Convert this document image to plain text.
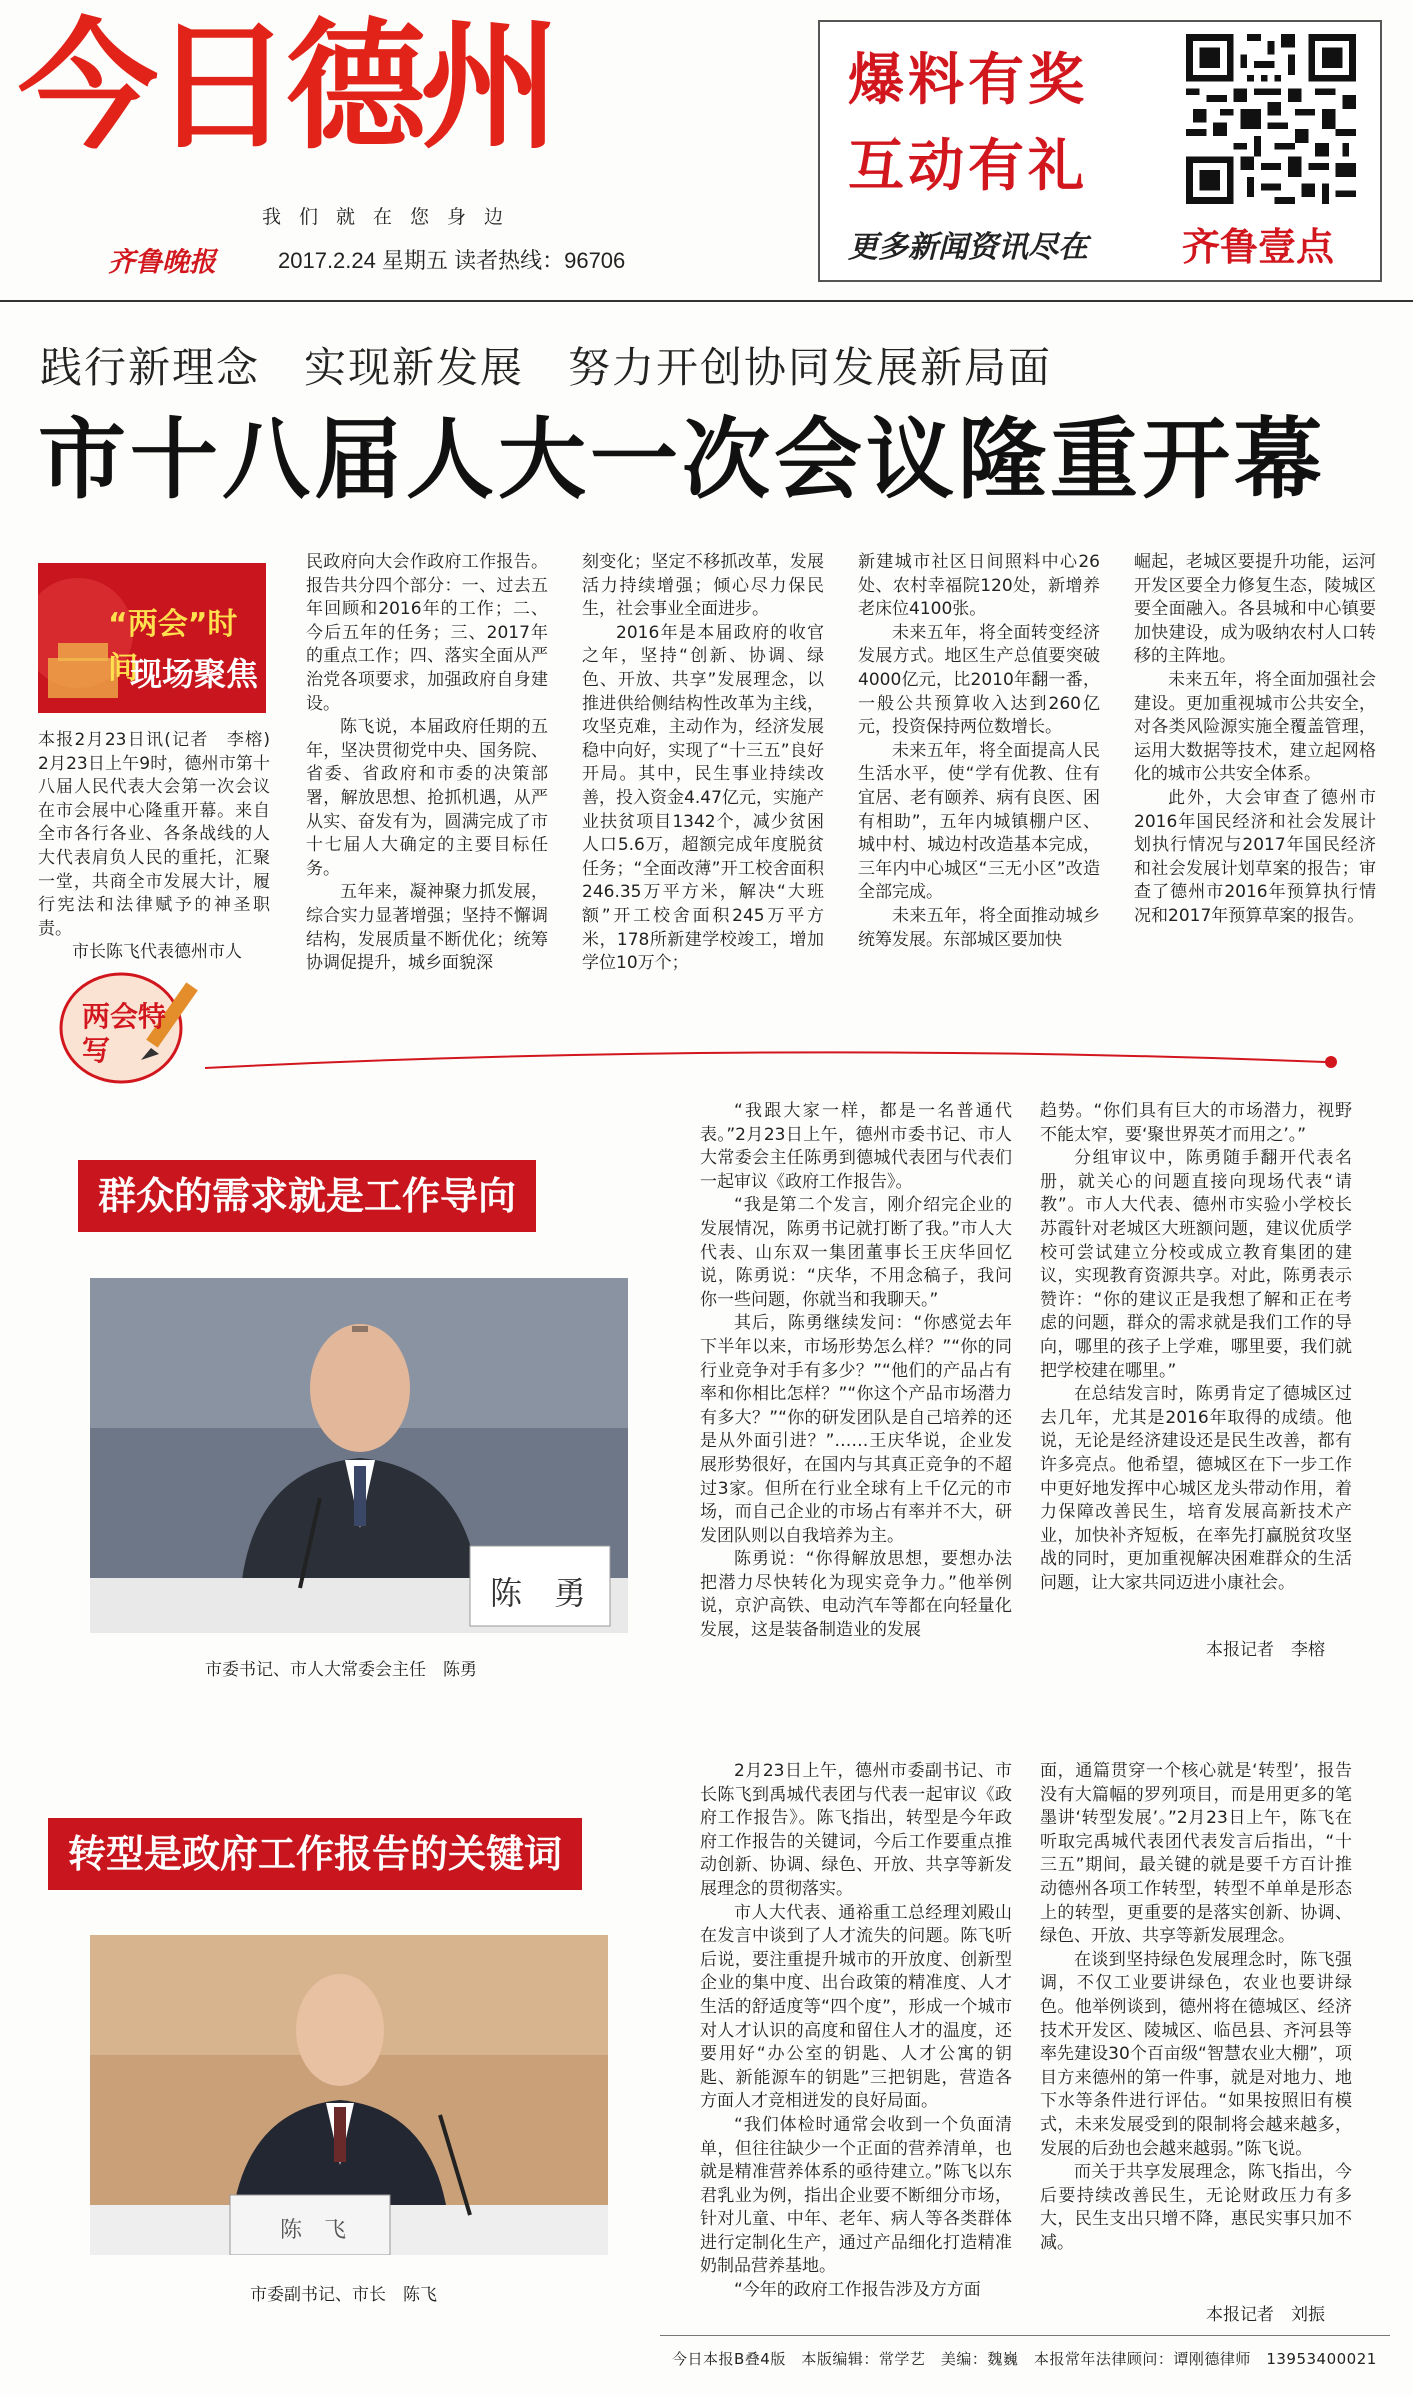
今日德州
我们就在您身边
齐鲁晚报	2017.2.24 星期五 读者热线：96706
爆料有奖
互动有礼
更多新闻资讯尽在 齐鲁壹点
践行新理念　实现新发展　努力开创协同发展新局面
市十八届人大一次会议隆重开幕
“两会”时间
现场聚焦

本报2月23日讯(记者　李榕)　2月23日上午9时，德州市第十八届人民代表大会第一次会议在市会展中心隆重开幕。来自全市各行各业、各条战线的人大代表肩负人民的重托，汇聚一堂，共商全市发展大计，履行宪法和法律赋予的神圣职责。

市长陈飞代表德州市人

民政府向大会作政府工作报告。报告共分四个部分：一、过去五年回顾和2016年的工作；二、今后五年的任务；三、2017年的重点工作；四、落实全面从严治党各项要求，加强政府自身建设。

陈飞说，本届政府任期的五年，坚决贯彻党中央、国务院、省委、省政府和市委的决策部署，解放思想、抢抓机遇，从严从实、奋发有为，圆满完成了市十七届人大确定的主要目标任务。

五年来，凝神聚力抓发展，综合实力显著增强；坚持不懈调结构，发展质量不断优化；统筹协调促提升，城乡面貌深

刻变化；坚定不移抓改革，发展活力持续增强；倾心尽力保民生，社会事业全面进步。

2016年是本届政府的收官之年，坚持“创新、协调、绿色、开放、共享”发展理念，以推进供给侧结构性改革为主线，攻坚克难，主动作为，经济发展稳中向好，实现了“十三五”良好开局。其中，民生事业持续改善，投入资金4.47亿元，实施产业扶贫项目1342个，减少贫困人口5.6万，超额完成年度脱贫任务；“全面改薄”开工校舍面积246.35万平方米，解决“大班额”开工校舍面积245万平方米，178所新建学校竣工，增加学位10万个；

新建城市社区日间照料中心26处、农村幸福院120处，新增养老床位4100张。

未来五年，将全面转变经济发展方式。地区生产总值要突破4000亿元，比2010年翻一番，一般公共预算收入达到260亿元，投资保持两位数增长。

未来五年，将全面提高人民生活水平，使“学有优教、住有宜居、老有颐养、病有良医、困有相助”，五年内城镇棚户区、城中村、城边村改造基本完成，三年内中心城区“三无小区”改造全部完成。

未来五年，将全面推动城乡统筹发展。东部城区要加快

崛起，老城区要提升功能，运河开发区要全力修复生态，陵城区要全面融入。各县城和中心镇要加快建设，成为吸纳农村人口转移的主阵地。

未来五年，将全面加强社会建设。更加重视城市公共安全，对各类风险源实施全覆盖管理，运用大数据等技术，建立起网格化的城市公共安全体系。

此外，大会审查了德州市2016年国民经济和社会发展计划执行情况与2017年国民经济和社会发展计划草案的报告；审查了德州市2016年预算执行情况和2017年预算草案的报告。

两会特写
群众的需求就是工作导向
陈　勇
市委书记、市人大常委会主任　陈勇

“我跟大家一样，都是一名普通代表。”2月23日上午，德州市委书记、市人大常委会主任陈勇到德城代表团与代表们一起审议《政府工作报告》。

“我是第二个发言，刚介绍完企业的发展情况，陈勇书记就打断了我。”市人大代表、山东双一集团董事长王庆华回忆说，陈勇说：“庆华，不用念稿子，我问你一些问题，你就当和我聊天。”

其后，陈勇继续发问：“你感觉去年下半年以来，市场形势怎么样？”“你的同行业竞争对手有多少？”“他们的产品占有率和你相比怎样？”“你这个产品市场潜力有多大？”“你的研发团队是自己培养的还是从外面引进？”……王庆华说，企业发展形势很好，在国内与其真正竞争的不超过3家。但所在行业全球有上千亿元的市场，而自己企业的市场占有率并不大，研发团队则以自我培养为主。

陈勇说：“你得解放思想，要想办法把潜力尽快转化为现实竞争力。”他举例说，京沪高铁、电动汽车等都在向轻量化发展，这是装备制造业的发展

趋势。“你们具有巨大的市场潜力，视野不能太窄，要‘聚世界英才而用之’。”

分组审议中，陈勇随手翻开代表名册，就关心的问题直接向现场代表“请教”。市人大代表、德州市实验小学校长苏霞针对老城区大班额问题，建议优质学校可尝试建立分校或成立教育集团的建议，实现教育资源共享。对此，陈勇表示赞许：“你的建议正是我想了解和正在考虑的问题，群众的需求就是我们工作的导向，哪里的孩子上学难，哪里要，我们就把学校建在哪里。”

在总结发言时，陈勇肯定了德城区过去几年，尤其是2016年取得的成绩。他说，无论是经济建设还是民生改善，都有许多亮点。他希望，德城区在下一步工作中更好地发挥中心城区龙头带动作用，着力保障改善民生，培育发展高新技术产业，加快补齐短板，在率先打赢脱贫攻坚战的同时，更加重视解决困难群众的生活问题，让大家共同迈进小康社会。

本报记者　李榕
转型是政府工作报告的关键词
陈　飞
市委副书记、市长　陈飞

2月23日上午，德州市委副书记、市长陈飞到禹城代表团与代表一起审议《政府工作报告》。陈飞指出，转型是今年政府工作报告的关键词，今后工作要重点推动创新、协调、绿色、开放、共享等新发展理念的贯彻落实。

市人大代表、通裕重工总经理刘殿山在发言中谈到了人才流失的问题。陈飞听后说，要注重提升城市的开放度、创新型企业的集中度、出台政策的精准度、人才生活的舒适度等“四个度”，形成一个城市对人才认识的高度和留住人才的温度，还要用好“办公室的钥匙、人才公寓的钥匙、新能源车的钥匙”三把钥匙，营造各方面人才竞相迸发的良好局面。

“我们体检时通常会收到一个负面清单，但往往缺少一个正面的营养清单，也就是精准营养体系的亟待建立。”陈飞以东君乳业为例，指出企业要不断细分市场，针对儿童、中年、老年、病人等各类群体进行定制化生产，通过产品细化打造精准奶制品营养基地。

“今年的政府工作报告涉及方方面

面，通篇贯穿一个核心就是‘转型’，报告没有大篇幅的罗列项目，而是用更多的笔墨讲‘转型发展’。”2月23日上午，陈飞在听取完禹城代表团代表发言后指出，“十三五”期间，最关键的就是要千方百计推动德州各项工作转型，转型不单单是形态上的转型，更重要的是落实创新、协调、绿色、开放、共享等新发展理念。

在谈到坚持绿色发展理念时，陈飞强调，不仅工业要讲绿色，农业也要讲绿色。他举例谈到，德州将在德城区、经济技术开发区、陵城区、临邑县、齐河县等率先建设30个百亩级“智慧农业大棚”，项目方来德州的第一件事，就是对地力、地下水等条件进行评估。“如果按照旧有模式，未来发展受到的限制将会越来越多，发展的后劲也会越来越弱。”陈飞说。

而关于共享发展理念，陈飞指出，今后要持续改善民生，无论财政压力有多大，民生支出只增不降，惠民实事只加不减。

本报记者　刘振
今日本报B叠4版　本版编辑：常学艺　美编：魏巍　本报常年法律顾问：谭刚德律师　13953400021
